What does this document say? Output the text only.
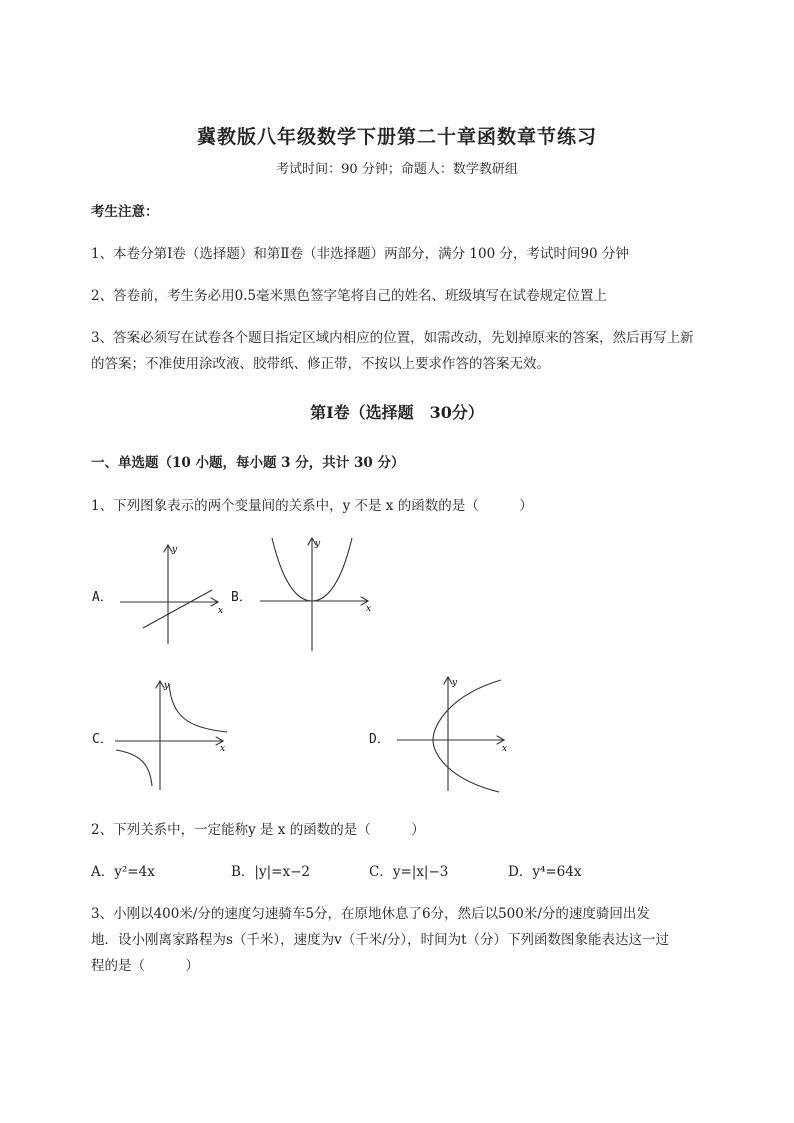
冀教版八年级数学下册第二十章函数章节练习
考试时间：90 分钟；命题人：数学教研组
考生注意：
1、本卷分第Ⅰ卷（选择题）和第Ⅱ卷（非选择题）两部分，满分 100 分，考试时间90 分钟
2、答卷前，考生务必用0.5毫米黑色签字笔将自己的姓名、班级填写在试卷规定位置上
3、答案必须写在试卷各个题目指定区域内相应的位置，如需改动，先划掉原来的答案，然后再写上新
的答案；不准使用涂改液、胶带纸、修正带，不按以上要求作答的答案无效。
第Ⅰ卷（选择题　30分）
一、单选题（10 小题，每小题 3 分，共计 30 分）
1、下列图象表示的两个变量间的关系中，y 不是 x 的函数的是（　　　）
A．	B．
C．	D．
x
y
x
y
x
y
x
y
2、下列关系中，一定能称y 是 x 的函数的是（　　　）
A．y²=4x	B．|y|=x−2	C．y=|x|−3	D．y⁴=64x
3、小刚以400米/分的速度匀速骑车5分，在原地休息了6分，然后以500米/分的速度骑回出发
地．设小刚离家路程为s（千米），速度为v（千米/分），时间为t（分）下列函数图象能表达这一过
程的是（　　　）
